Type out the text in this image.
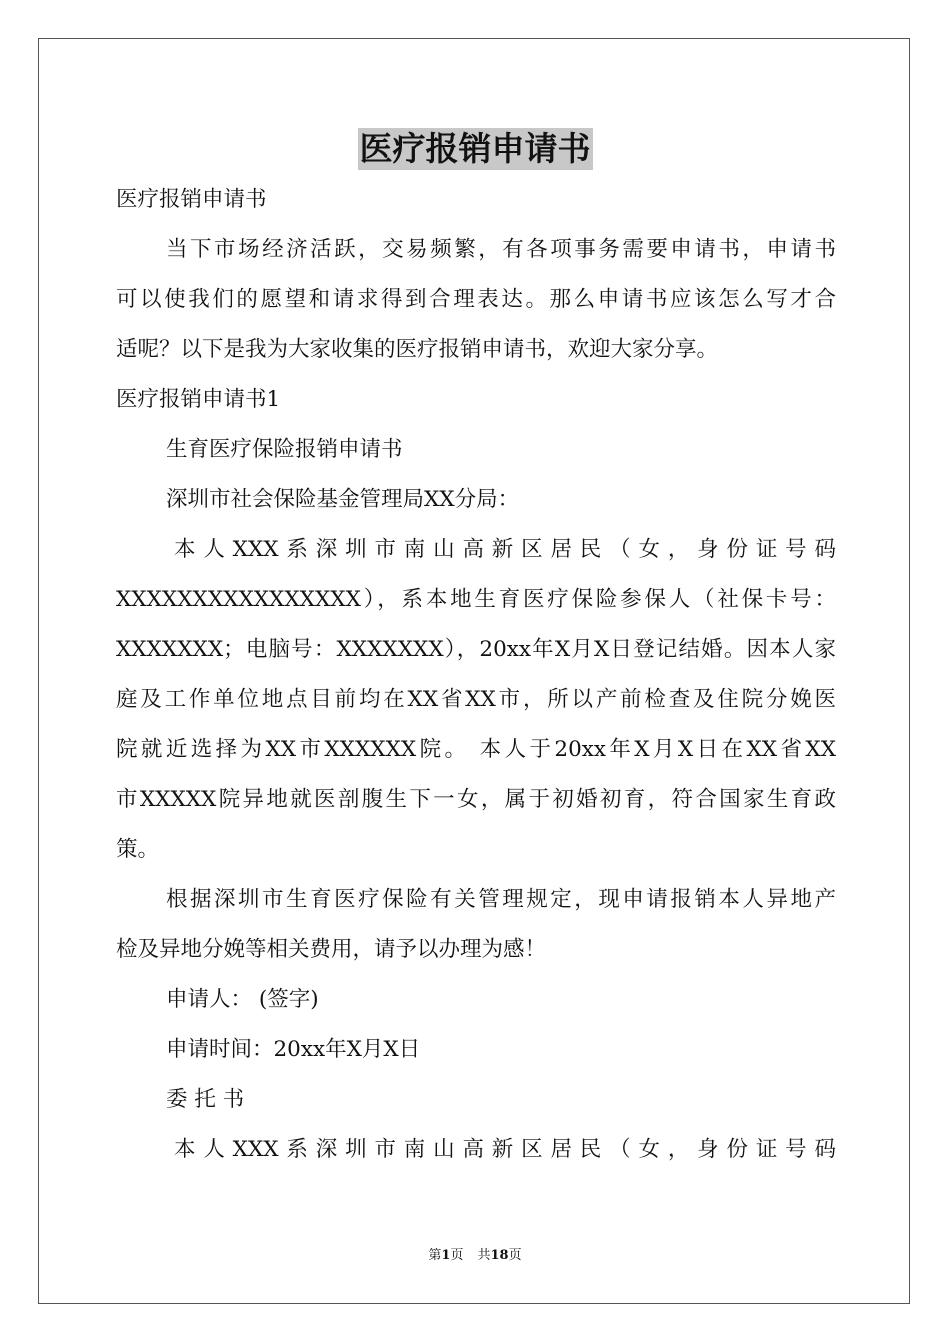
医疗报销申请书
医疗报销申请书
当下市场经济活跃，交易频繁，有各项事务需要申请书，申请书
可以使我们的愿望和请求得到合理表达。那么申请书应该怎么写才合
适呢？以下是我为大家收集的医疗报销申请书，欢迎大家分享。
医疗报销申请书1
生育医疗保险报销申请书
深圳市社会保险基金管理局XX分局：
本人XXX系深圳市南山高新区居民（女，身份证号码
XXXXXXXXXXXXXXXX），系本地生育医疗保险参保人（社保卡号：
XXXXXXX；电脑号：XXXXXXX），20xx年X月X日登记结婚。因本人家
庭及工作单位地点目前均在XX省XX市，所以产前检查及住院分娩医
院就近选择为XX市XXXXXX院。 本人于20xx年X月X日在XX省XX
市XXXXX院异地就医剖腹生下一女，属于初婚初育，符合国家生育政
策。
根据深圳市生育医疗保险有关管理规定，现申请报销本人异地产
检及异地分娩等相关费用，请予以办理为感！
申请人： (签字)
申请时间：20xx年X月X日
委 托 书
本人XXX系深圳市南山高新区居民（女，身份证号码
第1页 共18页
